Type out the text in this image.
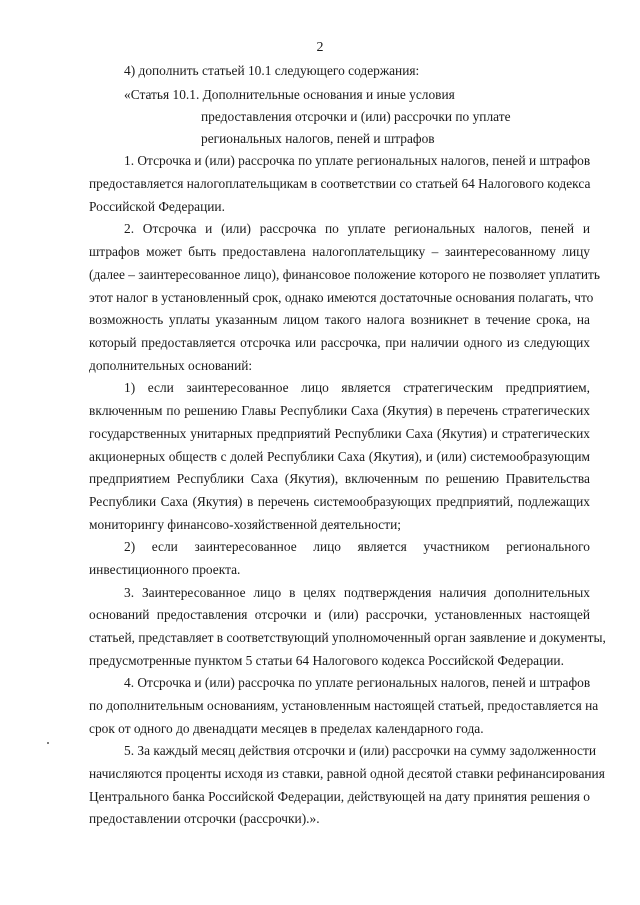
2
4) дополнить статьей 10.1 следующего содержания:
«Статья 10.1. Дополнительные основания и иные условия
предоставления отсрочки и (или) рассрочки по уплате
региональных налогов, пеней и штрафов
1. Отсрочка и (или) рассрочка по уплате региональных налогов, пеней и штрафов
предоставляется налогоплательщикам в соответствии со статьей 64 Налогового кодекса
Российской Федерации.
2. Отсрочка и (или) рассрочка по уплате региональных налогов, пеней и
штрафов может быть предоставлена налогоплательщику – заинтересованному лицу
(далее – заинтересованное лицо), финансовое положение которого не позволяет уплатить
этот налог в установленный срок, однако имеются достаточные основания полагать, что
возможность уплаты указанным лицом такого налога возникнет в течение срока, на
который предоставляется отсрочка или рассрочка, при наличии одного из следующих
дополнительных оснований:
1) если заинтересованное лицо является стратегическим предприятием,
включенным по решению Главы Республики Саха (Якутия) в перечень стратегических
государственных унитарных предприятий Республики Саха (Якутия) и стратегических
акционерных обществ с долей Республики Саха (Якутия), и (или) системообразующим
предприятием Республики Саха (Якутия), включенным по решению Правительства
Республики Саха (Якутия) в перечень системообразующих предприятий, подлежащих
мониторингу финансово-хозяйственной деятельности;
2) если заинтересованное лицо является участником регионального
инвестиционного проекта.
3. Заинтересованное лицо в целях подтверждения наличия дополнительных
оснований предоставления отсрочки и (или) рассрочки, установленных настоящей
статьей, представляет в соответствующий уполномоченный орган заявление и документы,
предусмотренные пунктом 5 статьи 64 Налогового кодекса Российской Федерации.
4. Отсрочка и (или) рассрочка по уплате региональных налогов, пеней и штрафов
по дополнительным основаниям, установленным настоящей статьей, предоставляется на
срок от одного до двенадцати месяцев в пределах календарного года.
5. За каждый месяц действия отсрочки и (или) рассрочки на сумму задолженности
начисляются проценты исходя из ставки, равной одной десятой ставки рефинансирования
Центрального банка Российской Федерации, действующей на дату принятия решения о
предоставлении отсрочки (рассрочки).».
